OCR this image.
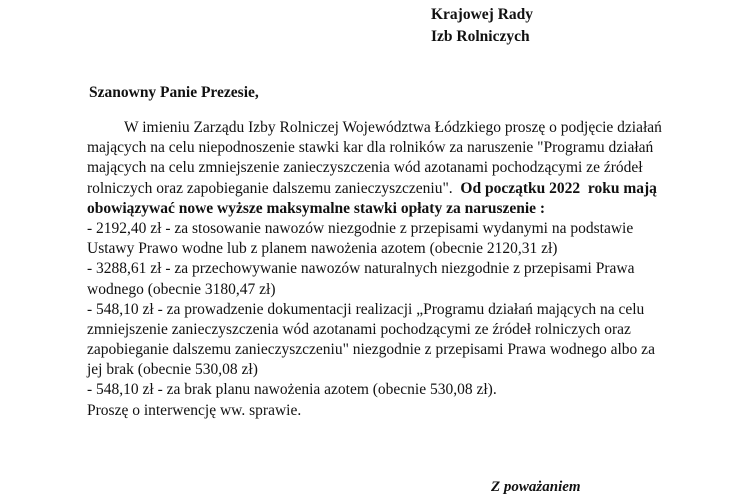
Krajowej Rady
Izb Rolniczych
Szanowny Panie Prezesie,
W imieniu Zarządu Izby Rolniczej Województwa Łódzkiego proszę o podjęcie działań
mających na celu niepodnoszenie stawki kar dla rolników za naruszenie "Programu działań
mających na celu zmniejszenie zanieczyszczenia wód azotanami pochodzącymi ze źródeł
rolniczych oraz zapobieganie dalszemu zanieczyszczeniu".  Od początku 2022  roku mają
obowiązywać nowe wyższe maksymalne stawki opłaty za naruszenie :
- 2192,40 zł - za stosowanie nawozów niezgodnie z przepisami wydanymi na podstawie
Ustawy Prawo wodne lub z planem nawożenia azotem (obecnie 2120,31 zł)
- 3288,61 zł - za przechowywanie nawozów naturalnych niezgodnie z przepisami Prawa
wodnego (obecnie 3180,47 zł)
- 548,10 zł - za prowadzenie dokumentacji realizacji „Programu działań mających na celu
zmniejszenie zanieczyszczenia wód azotanami pochodzącymi ze źródeł rolniczych oraz
zapobieganie dalszemu zanieczyszczeniu" niezgodnie z przepisami Prawa wodnego albo za
jej brak (obecnie 530,08 zł)
- 548,10 zł - za brak planu nawożenia azotem (obecnie 530,08 zł).
Proszę o interwencję ww. sprawie.
Z poważaniem
